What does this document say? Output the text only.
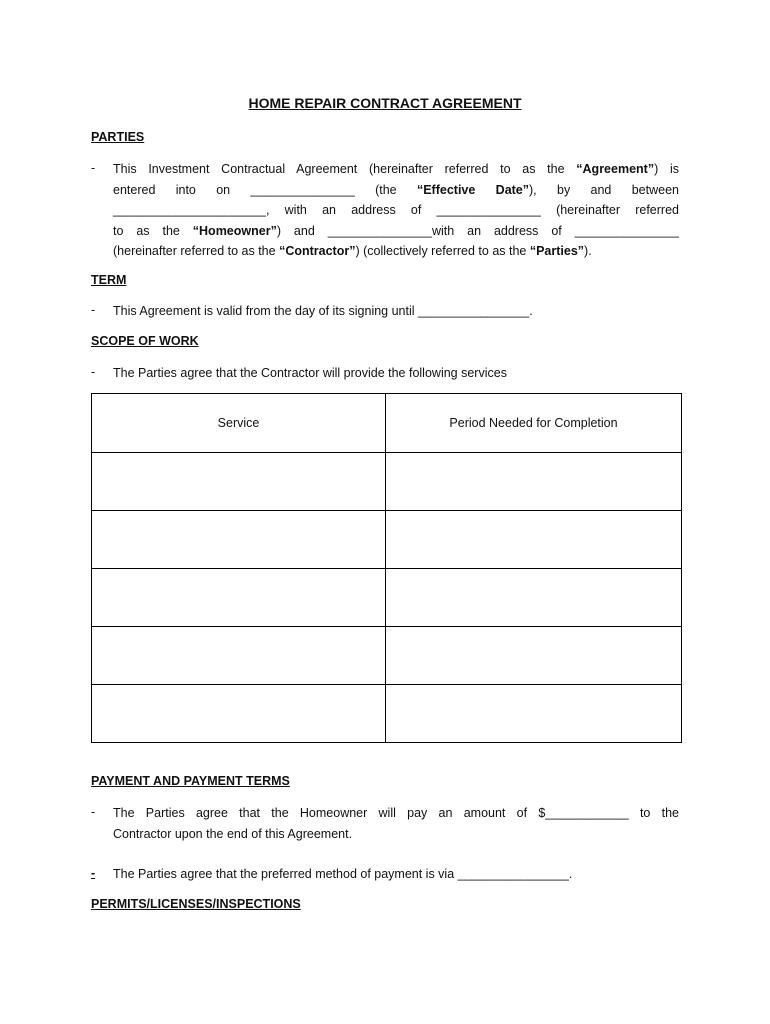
HOME REPAIR CONTRACT AGREEMENT
PARTIES
- This Investment Contractual Agreement (hereinafter referred to as the “Agreement”) is
entered into on _______________ (the “Effective Date”), by and between
______________________, with an address of _______________ (hereinafter referred
to as the “Homeowner”) and _______________with an address of _______________
(hereinafter referred to as the “Contractor”) (collectively referred to as the “Parties”).
TERM
- This Agreement is valid from the day of its signing until ________________.
SCOPE OF WORK
- The Parties agree that the Contractor will provide the following services
Service	Period Needed for Completion

PAYMENT AND PAYMENT TERMS
- The Parties agree that the Homeowner will pay an amount of $____________ to the
Contractor upon the end of this Agreement.
-	The Parties agree that the preferred method of payment is via ________________.
PERMITS/LICENSES/INSPECTIONS
